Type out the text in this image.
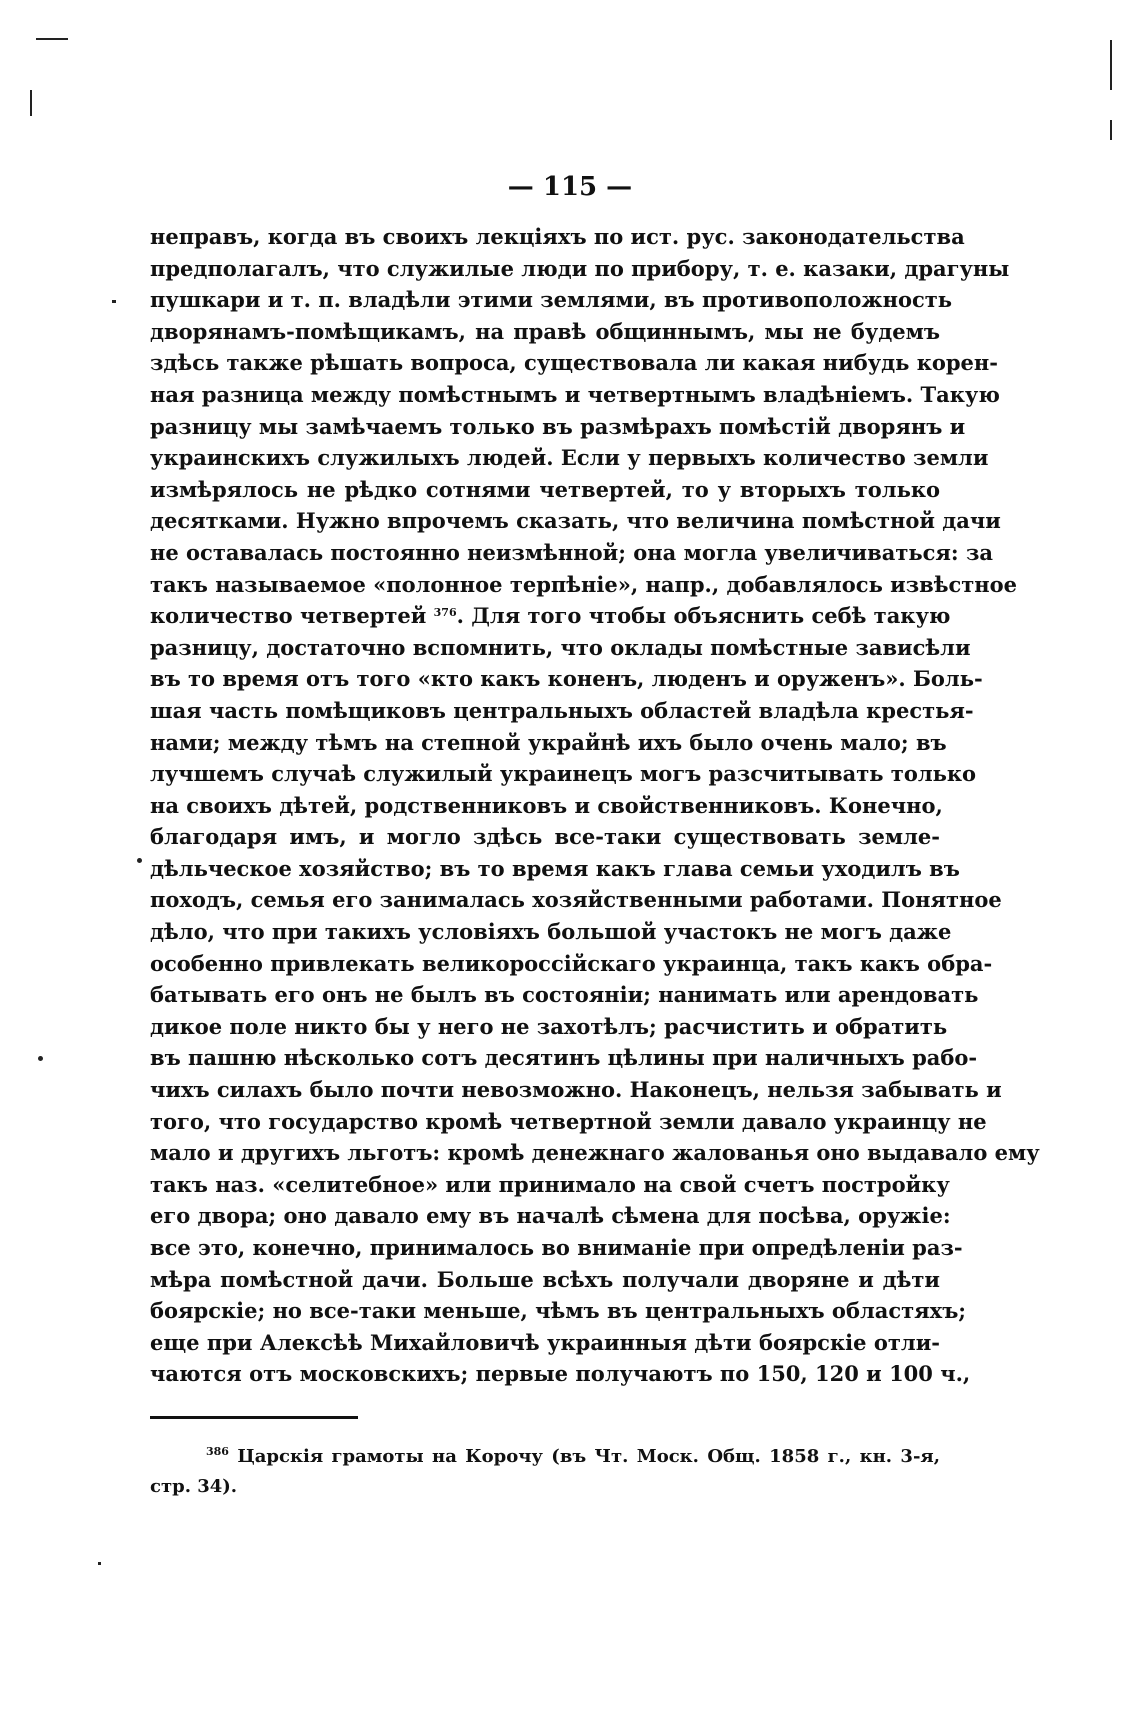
— 115 —
неправъ, когда въ своихъ лекціяхъ по ист. рус. законодательства
предполагалъ, что служилые люди по прибору, т. е. казаки, драгуны
пушкари и т. п. владѣли этими землями, въ противоположность
дворянамъ-помѣщикамъ, на правѣ общиннымъ, мы не будемъ
здѣсь также рѣшать вопроса, существовала ли какая нибудь корен-
ная разница между помѣстнымъ и четвертнымъ владѣніемъ. Такую
разницу мы замѣчаемъ только въ размѣрахъ помѣстій дворянъ и
украинскихъ служилыхъ людей. Если у первыхъ количество земли
измѣрялось не рѣдко сотнями четвертей, то у вторыхъ только
десятками. Нужно впрочемъ сказать, что величина помѣстной дачи
не оставалась постоянно неизмѣнной; она могла увеличиваться: за
такъ называемое «полонное терпѣніе», напр., добавлялось извѣстное
количество четвертей $^{376}$. Для того чтобы объяснить себѣ такую
разницу, достаточно вспомнить, что оклады помѣстные зависѣли
въ то время отъ того «кто какъ коненъ, люденъ и оруженъ». Боль-
шая часть помѣщиковъ центральныхъ областей владѣла крестья-
нами; между тѣмъ на степной украйнѣ ихъ было очень мало; въ
лучшемъ случаѣ служилый украинецъ могъ разсчитывать только
на своихъ дѣтей, родственниковъ и свойственниковъ. Конечно,
благодаря имъ, и могло здѣсь все-таки существовать земле-
дѣльческое хозяйство; въ то время какъ глава семьи уходилъ въ
походъ, семья его занималась хозяйственными работами. Понятное
дѣло, что при такихъ условіяхъ большой участокъ не могъ даже
особенно привлекать великороссійскаго украинца, такъ какъ обра-
батывать его онъ не былъ въ состояніи; нанимать или арендовать
дикое поле никто бы у него не захотѣлъ; расчистить и обратить
въ пашню нѣсколько сотъ десятинъ цѣлины при наличныхъ рабо-
чихъ силахъ было почти невозможно. Наконецъ, нельзя забывать и
того, что государство кромѣ четвертной земли давало украинцу не
мало и другихъ льготъ: кромѣ денежнаго жалованья оно выдавало ему
такъ наз. «селитебное» или принимало на свой счетъ постройку
его двора; оно давало ему въ началѣ сѣмена для посѣва, оружіе:
все это, конечно, принималось во вниманіе при опредѣленіи раз-
мѣра помѣстной дачи. Больше всѣхъ получали дворяне и дѣти
боярскіе; но все-таки меньше, чѣмъ въ центральныхъ областяхъ;
еще при Алексѣѣ Михайловичѣ украинныя дѣти боярскіе отли-
чаются отъ московскихъ; первые получаютъ по 150, 120 и 100 ч.,
$^{386}$ Царскія грамоты на Корочу (въ Чт. Моск. Общ. 1858 г., кн. 3-я,
стр. 34).
